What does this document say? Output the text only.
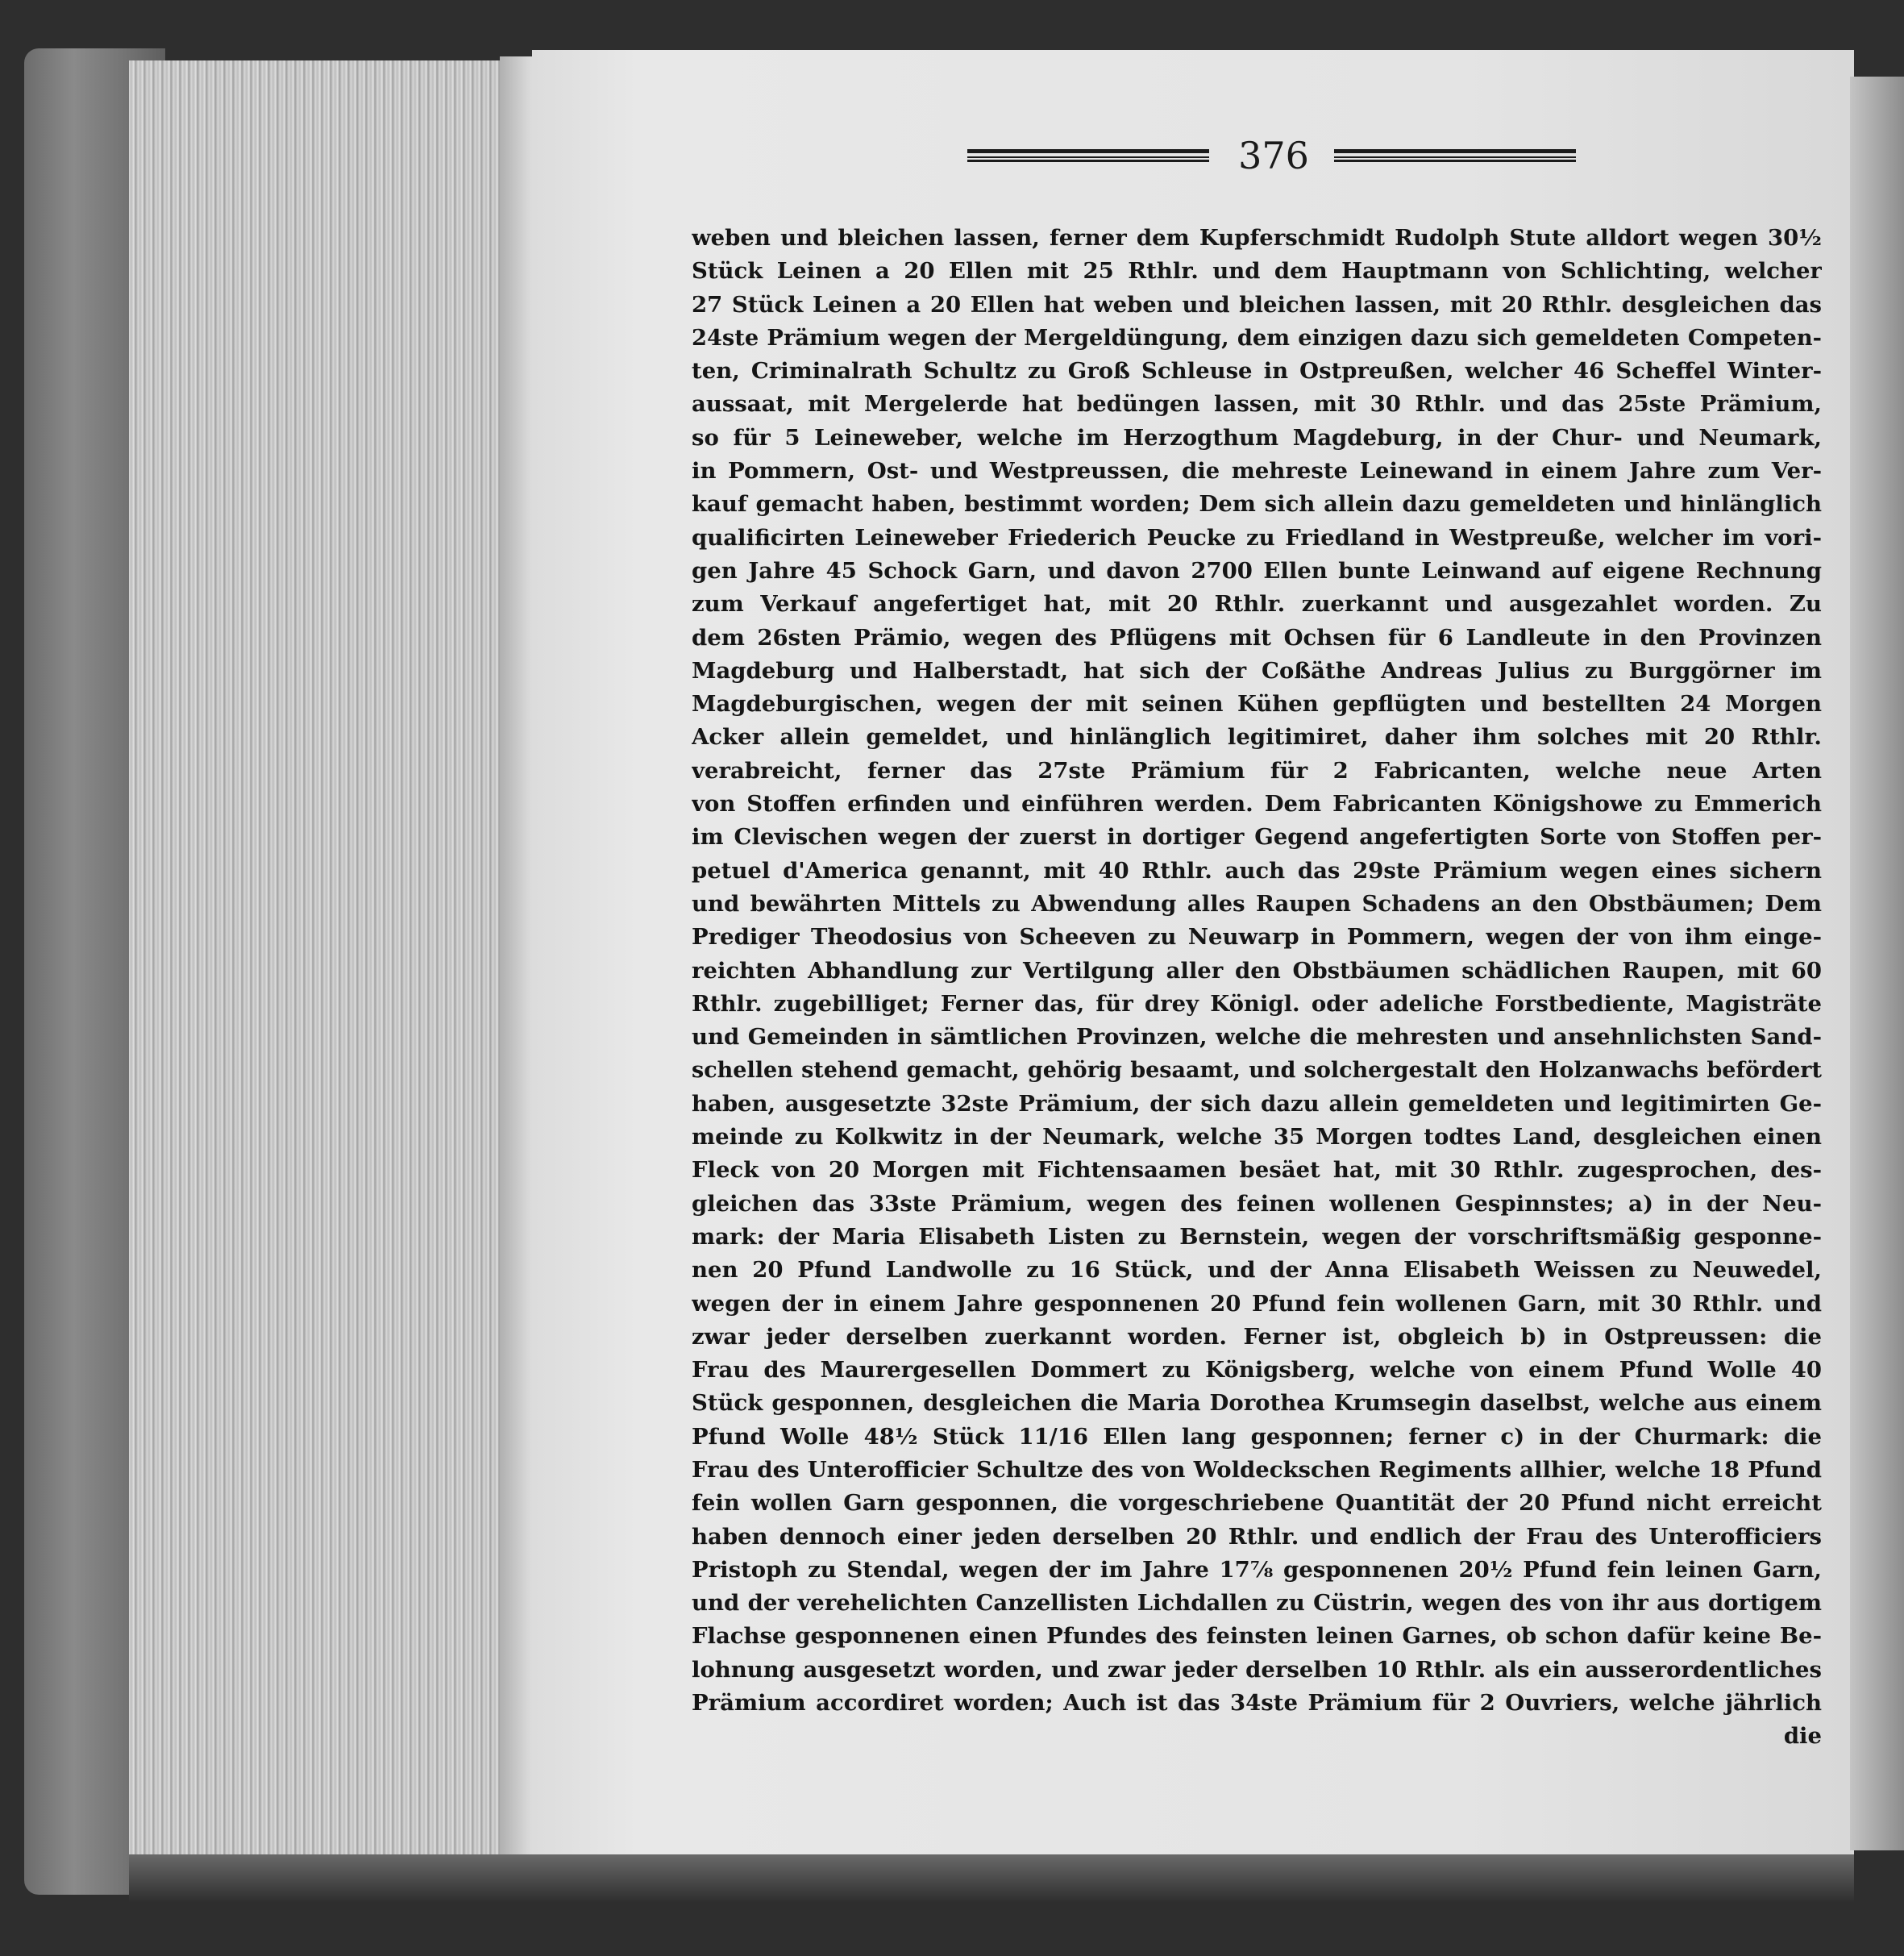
376
weben und bleichen lassen, ferner dem Kupferschmidt Rudolph Stute alldort wegen 30½
Stück Leinen a 20 Ellen mit 25 Rthlr. und dem Hauptmann von Schlichting, welcher
27 Stück Leinen a 20 Ellen hat weben und bleichen lassen, mit 20 Rthlr. desgleichen das
24ste Prämium wegen der Mergeldüngung, dem einzigen dazu sich gemeldeten Competen-
ten, Criminalrath Schultz zu Groß Schleuse in Ostpreußen, welcher 46 Scheffel Winter-
aussaat, mit Mergelerde hat bedüngen lassen, mit 30 Rthlr. und das 25ste Prämium,
so für 5 Leineweber, welche im Herzogthum Magdeburg, in der Chur- und Neumark,
in Pommern, Ost- und Westpreussen, die mehreste Leinewand in einem Jahre zum Ver-
kauf gemacht haben, bestimmt worden; Dem sich allein dazu gemeldeten und hinlänglich
qualificirten Leineweber Friederich Peucke zu Friedland in Westpreuße, welcher im vori-
gen Jahre 45 Schock Garn, und davon 2700 Ellen bunte Leinwand auf eigene Rechnung
zum Verkauf angefertiget hat, mit 20 Rthlr. zuerkannt und ausgezahlet worden. Zu
dem 26sten Prämio, wegen des Pflügens mit Ochsen für 6 Landleute in den Provinzen
Magdeburg und Halberstadt, hat sich der Coßäthe Andreas Julius zu Burggörner im
Magdeburgischen, wegen der mit seinen Kühen gepflügten und bestellten 24 Morgen
Acker allein gemeldet, und hinlänglich legitimiret, daher ihm solches mit 20 Rthlr.
verabreicht, ferner das 27ste Prämium für 2 Fabricanten, welche neue Arten
von Stoffen erfinden und einführen werden. Dem Fabricanten Königshowe zu Emmerich
im Clevischen wegen der zuerst in dortiger Gegend angefertigten Sorte von Stoffen per-
petuel d'America genannt, mit 40 Rthlr. auch das 29ste Prämium wegen eines sichern
und bewährten Mittels zu Abwendung alles Raupen Schadens an den Obstbäumen; Dem
Prediger Theodosius von Scheeven zu Neuwarp in Pommern, wegen der von ihm einge-
reichten Abhandlung zur Vertilgung aller den Obstbäumen schädlichen Raupen, mit 60
Rthlr. zugebilliget; Ferner das, für drey Königl. oder adeliche Forstbediente, Magisträte
und Gemeinden in sämtlichen Provinzen, welche die mehresten und ansehnlichsten Sand-
schellen stehend gemacht, gehörig besaamt, und solchergestalt den Holzanwachs befördert
haben, ausgesetzte 32ste Prämium, der sich dazu allein gemeldeten und legitimirten Ge-
meinde zu Kolkwitz in der Neumark, welche 35 Morgen todtes Land, desgleichen einen
Fleck von 20 Morgen mit Fichtensaamen besäet hat, mit 30 Rthlr. zugesprochen, des-
gleichen das 33ste Prämium, wegen des feinen wollenen Gespinnstes; a) in der Neu-
mark: der Maria Elisabeth Listen zu Bernstein, wegen der vorschriftsmäßig gesponne-
nen 20 Pfund Landwolle zu 16 Stück, und der Anna Elisabeth Weissen zu Neuwedel,
wegen der in einem Jahre gesponnenen 20 Pfund fein wollenen Garn, mit 30 Rthlr. und
zwar jeder derselben zuerkannt worden. Ferner ist, obgleich b) in Ostpreussen: die
Frau des Maurergesellen Dommert zu Königsberg, welche von einem Pfund Wolle 40
Stück gesponnen, desgleichen die Maria Dorothea Krumsegin daselbst, welche aus einem
Pfund Wolle 48½ Stück 11/16 Ellen lang gesponnen; ferner c) in der Churmark: die
Frau des Unterofficier Schultze des von Woldeckschen Regiments allhier, welche 18 Pfund
fein wollen Garn gesponnen, die vorgeschriebene Quantität der 20 Pfund nicht erreicht
haben dennoch einer jeden derselben 20 Rthlr. und endlich der Frau des Unterofficiers
Pristoph zu Stendal, wegen der im Jahre 17⅞ gesponnenen 20½ Pfund fein leinen Garn,
und der verehelichten Canzellisten Lichdallen zu Cüstrin, wegen des von ihr aus dortigem
Flachse gesponnenen einen Pfundes des feinsten leinen Garnes, ob schon dafür keine Be-
lohnung ausgesetzt worden, und zwar jeder derselben 10 Rthlr. als ein ausserordentliches
Prämium accordiret worden; Auch ist das 34ste Prämium für 2 Ouvriers, welche jährlich
die
